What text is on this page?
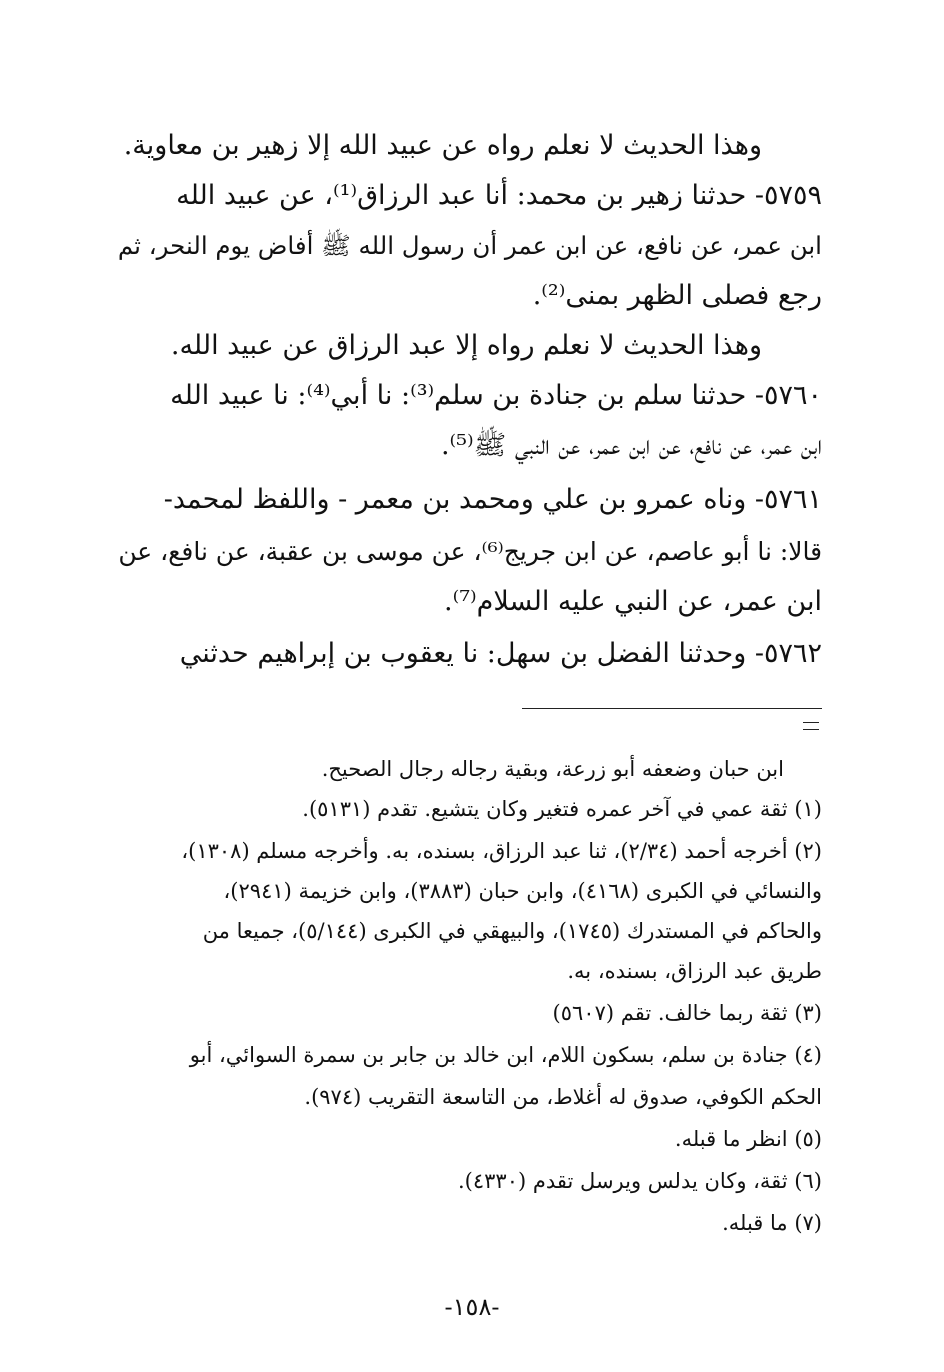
وهذا الحديث لا نعلم رواه عن عبيد الله إلا زهير بن معاوية.
٥٧٥٩- حدثنا زهير بن محمد: أنا عبد الرزاق⁽¹⁾، عن عبيد الله
ابن عمر، عن نافع، عن ابن عمر أن رسول الله ﷺ أفاض يوم النحر، ثم
رجع فصلى الظهر بمنى⁽²⁾.
وهذا الحديث لا نعلم رواه إلا عبد الرزاق عن عبيد الله.
٥٧٦٠- حدثنا سلم بن جنادة بن سلم⁽³⁾: نا أبي⁽⁴⁾: نا عبيد الله
ابن عمر، عن نافع، عن ابن عمر، عن النبي ﷺ⁽⁵⁾.
٥٧٦١- وناه عمرو بن علي ومحمد بن معمر - واللفظ لمحمد-
قالا: نا أبو عاصم، عن ابن جريج⁽⁶⁾، عن موسى بن عقبة، عن نافع، عن
ابن عمر، عن النبي عليه السلام⁽⁷⁾.
٥٧٦٢- وحدثنا الفضل بن سهل: نا يعقوب بن إبراهيم حدثني
ابن حبان وضعفه أبو زرعة، وبقية رجاله رجال الصحيح.
(١) ثقة عمي في آخر عمره فتغير وكان يتشيع. تقدم (٥١٣١).
(٢) أخرجه أحمد (٢/٣٤)، ثنا عبد الرزاق، بسنده، به. وأخرجه مسلم (١٣٠٨)،
والنسائي في الكبرى (٤١٦٨)، وابن حبان (٣٨٨٣)، وابن خزيمة (٢٩٤١)،
والحاكم في المستدرك (١٧٤٥)، والبيهقي في الكبرى (٥/١٤٤)، جميعا من
طريق عبد الرزاق، بسنده، به.
(٣) ثقة ربما خالف. تقم (٥٦٠٧)
(٤) جنادة بن سلم، بسكون اللام، ابن خالد بن جابر بن سمرة السوائي، أبو
الحكم الكوفي، صدوق له أغلاط، من التاسعة التقريب (٩٧٤).
(٥) انظر ما قبله.
(٦) ثقة، وكان يدلس ويرسل تقدم (٤٣٣٠).
(٧) ما قبله.
-١٥٨-
